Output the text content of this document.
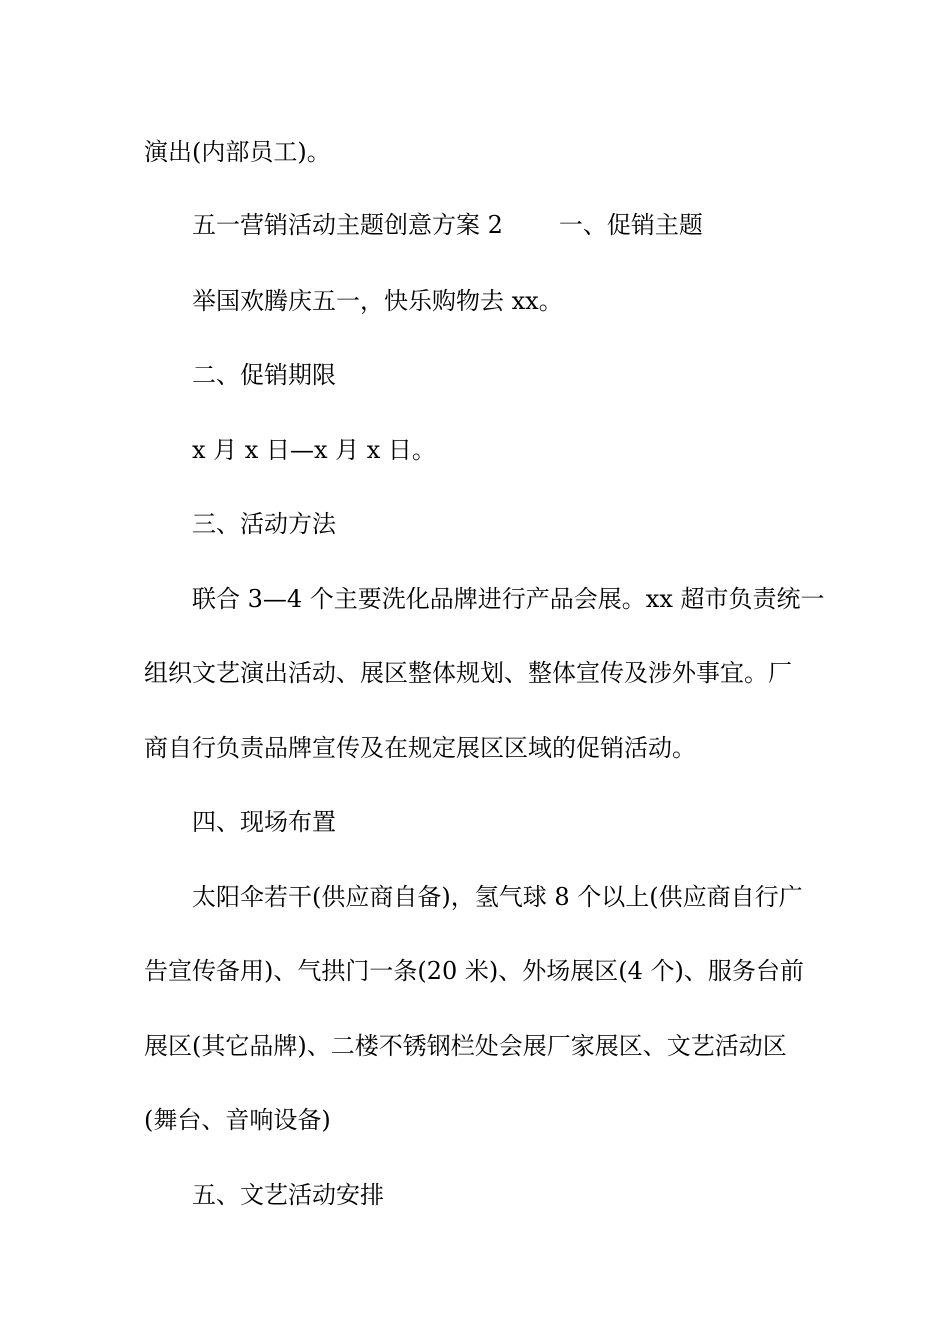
演出(内部员工)。
五一营销活动主题创意方案 2 一、促销主题
举国欢腾庆五一，快乐购物去 xx。
二、促销期限
x 月 x 日—x 月 x 日。
三、活动方法
联合 3—4 个主要洗化品牌进行产品会展。xx 超市负责统一
组织文艺演出活动、展区整体规划、整体宣传及涉外事宜。厂
商自行负责品牌宣传及在规定展区区域的促销活动。
四、现场布置
太阳伞若干(供应商自备)，氢气球 8 个以上(供应商自行广
告宣传备用)、气拱门一条(20 米)、外场展区(4 个)、服务台前
展区(其它品牌)、二楼不锈钢栏处会展厂家展区、文艺活动区
(舞台、音响设备)
五、文艺活动安排
